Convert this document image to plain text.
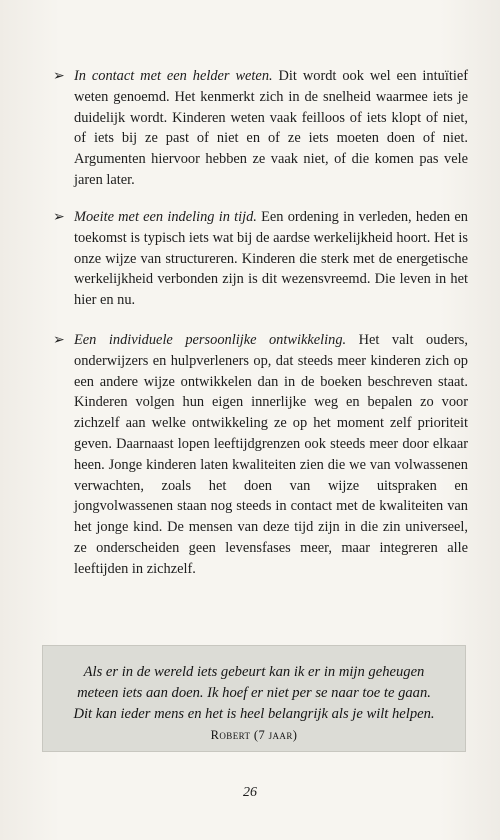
➢ In contact met een helder weten. Dit wordt ook wel een intuïtief weten genoemd. Het kenmerkt zich in de snelheid waarmee iets je duidelijk wordt. Kinderen weten vaak feilloos of iets klopt of niet, of iets bij ze past of niet en of ze iets moeten doen of niet. Argumenten hiervoor hebben ze vaak niet, of die komen pas vele jaren later.
➢ Moeite met een indeling in tijd. Een ordening in verleden, heden en toekomst is typisch iets wat bij de aardse werkelijkheid hoort. Het is onze wijze van structureren. Kinderen die sterk met de energetische werkelijkheid verbonden zijn is dit wezensvreemd. Die leven in het hier en nu.
➢ Een individuele persoonlijke ontwikkeling. Het valt ouders, onderwijzers en hulpverleners op, dat steeds meer kinderen zich op een andere wijze ontwikkelen dan in de boeken beschreven staat. Kinderen volgen hun eigen innerlijke weg en bepalen zo voor zichzelf aan welke ontwikkeling ze op het moment zelf prioriteit geven. Daarnaast lopen leeftijdgrenzen ook steeds meer door elkaar heen. Jonge kinderen laten kwaliteiten zien die we van volwassenen verwachten, zoals het doen van wijze uitspraken en jongvolwassenen staan nog steeds in contact met de kwaliteiten van het jonge kind. De mensen van deze tijd zijn in die zin universeel, ze onderscheiden geen levensfases meer, maar integreren alle leeftijden in zichzelf.
Als er in de wereld iets gebeurt kan ik er in mijn geheugen
meteen iets aan doen. Ik hoef er niet per se naar toe te gaan.
Dit kan ieder mens en het is heel belangrijk als je wilt helpen.
Robert (7 jaar)
26
